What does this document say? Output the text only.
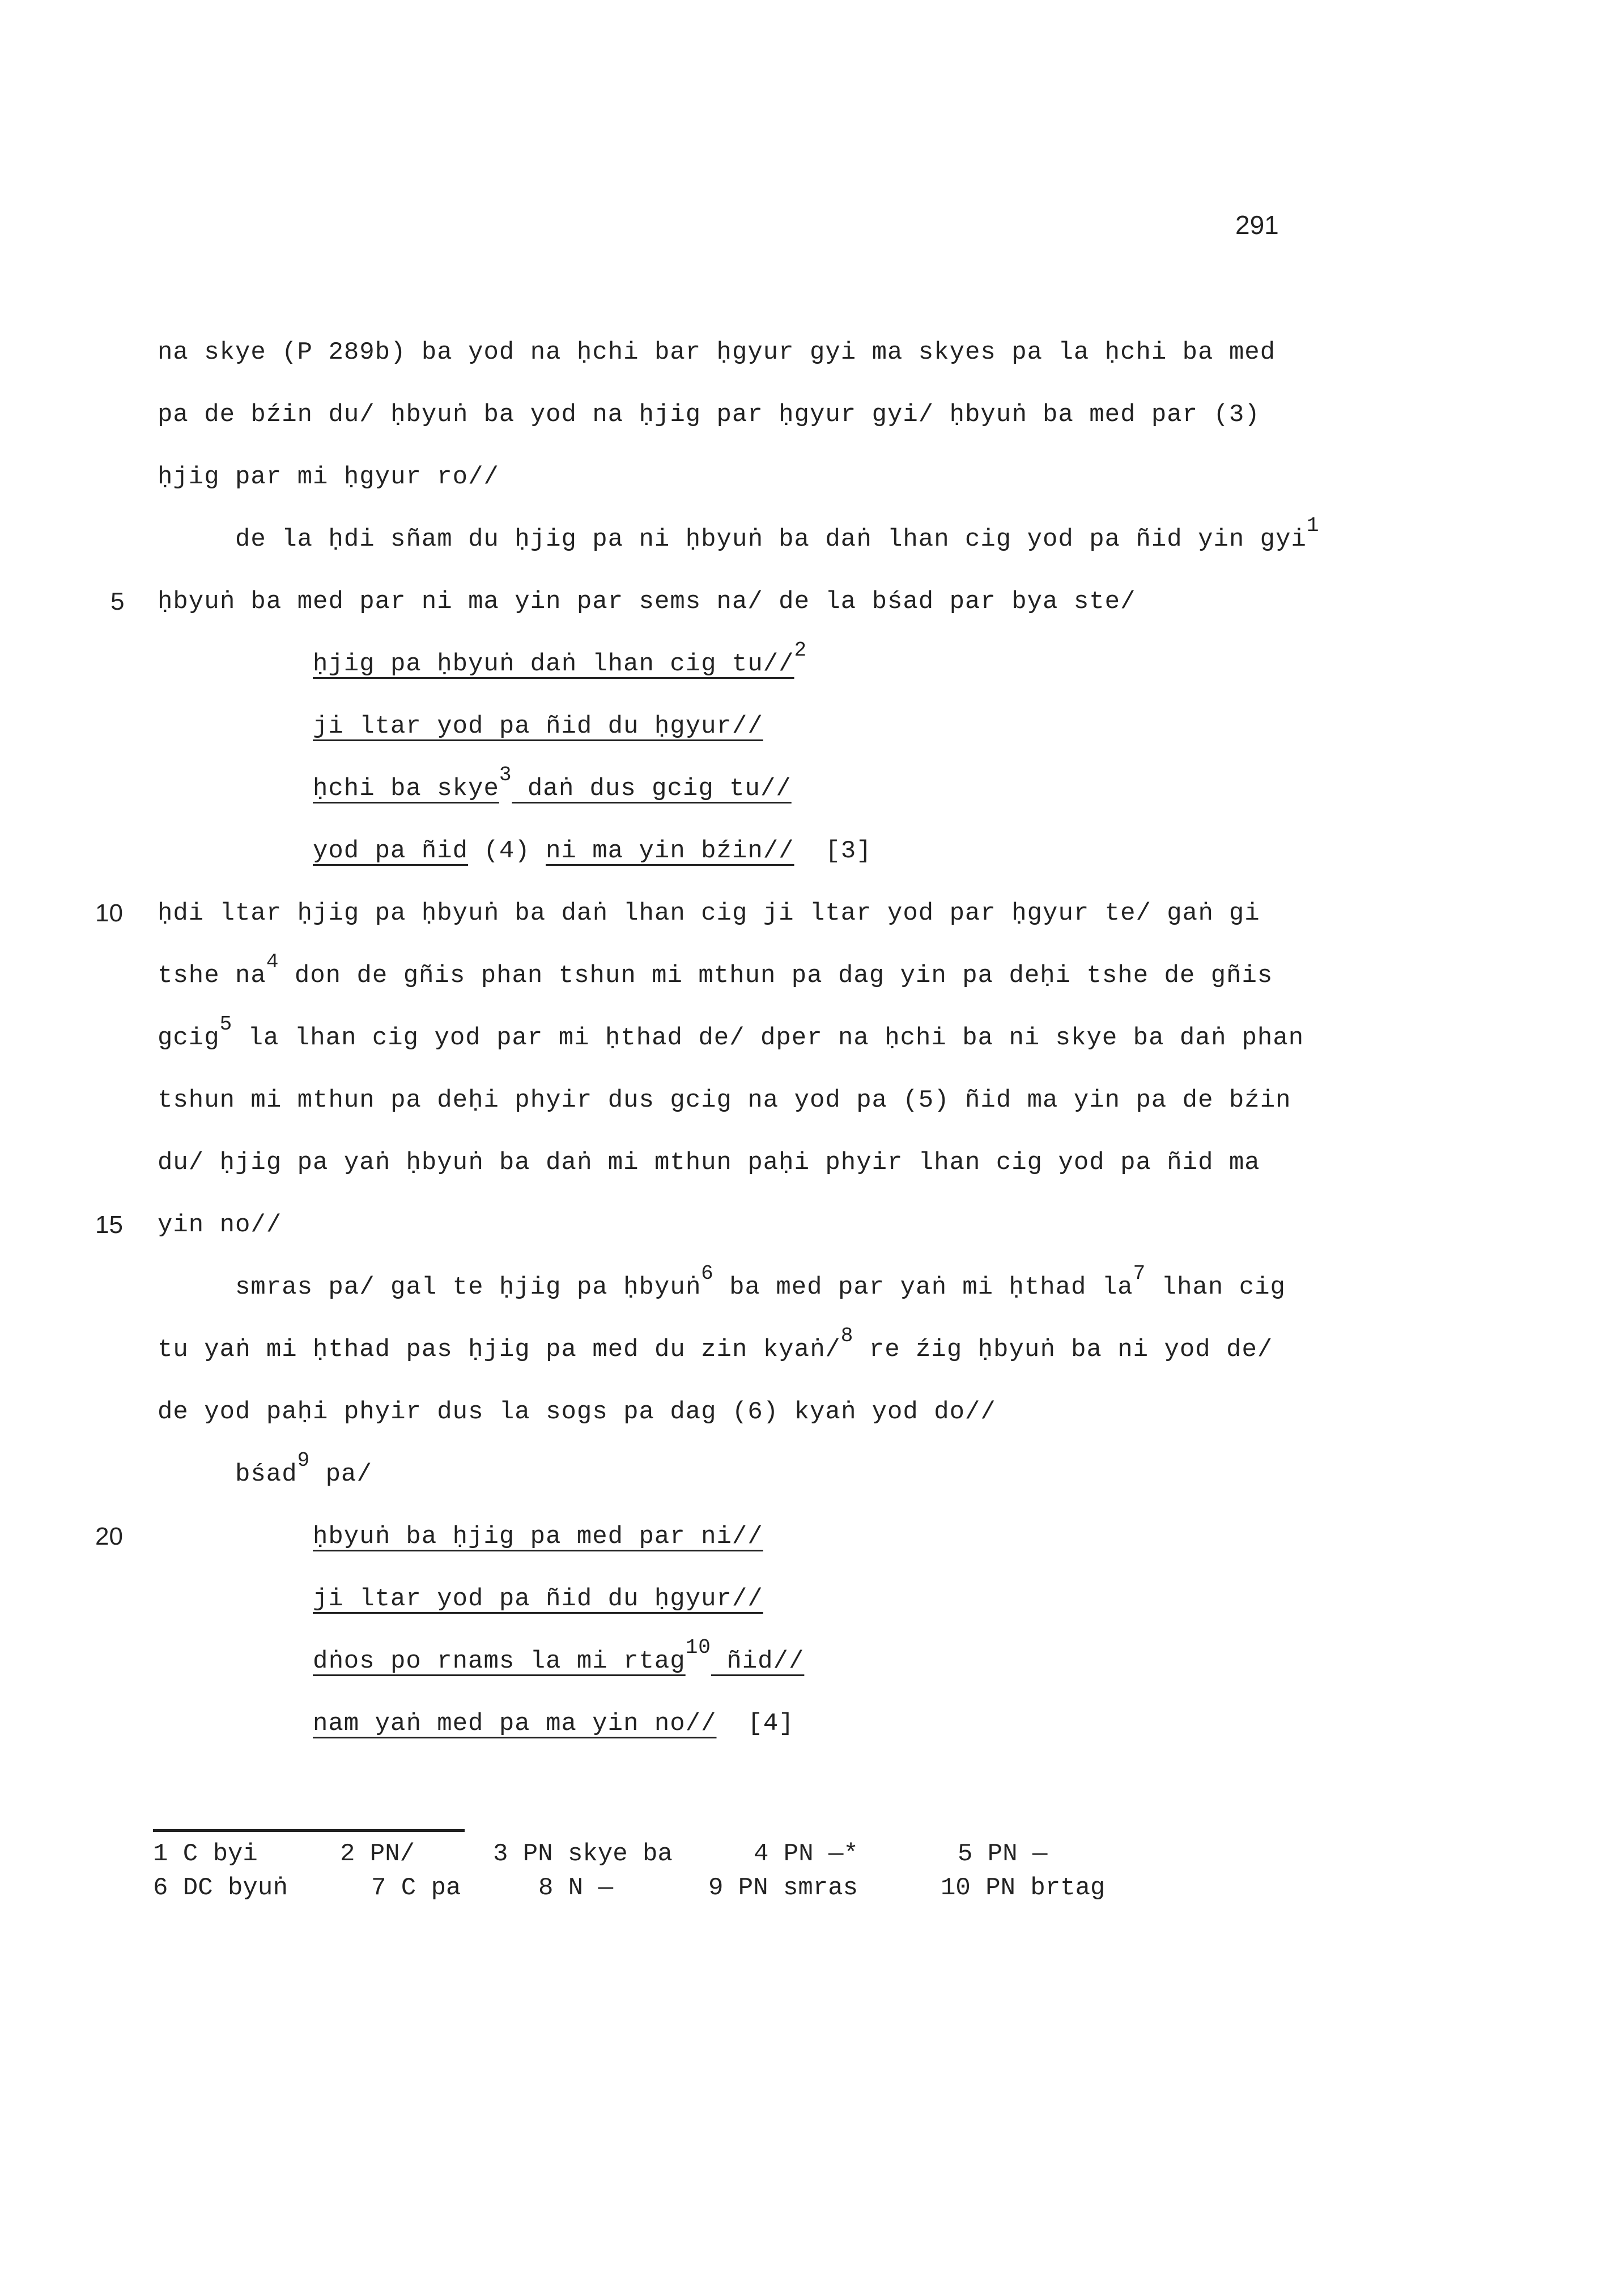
291
na skye (P 289b) ba yod na ḥchi bar ḥgyur gyi ma skyes pa la ḥchi ba med
pa de bźin du/ ḥbyuṅ ba yod na ḥjig par ḥgyur gyi/ ḥbyuṅ ba med par (3)
ḥjig par mi ḥgyur ro//
de la ḥdi sñam du ḥjig pa ni ḥbyuṅ ba daṅ lhan cig yod pa ñid yin gyi$^1$
5 ḥbyuṅ ba med par ni ma yin par sems na/ de la bśad par bya ste/
ḥjig pa ḥbyuṅ daṅ lhan cig tu//$^2$
ji ltar yod pa ñid du ḥgyur//
ḥchi ba skye$^3$ daṅ dus gcig tu//
yod pa ñid (4) ni ma yin bźin//  [3]
10 ḥdi ltar ḥjig pa ḥbyuṅ ba daṅ lhan cig ji ltar yod par ḥgyur te/ gaṅ gi
tshe $na^4$ don de gñis phan tshun mi mthun pa dag yin pa deḥi tshe de gñis
gcig$^5$ la lhan cig yod par mi ḥthad de/ dper na ḥchi ba ni skye ba daṅ phan
tshun mi mthun pa deḥi phyir dus gcig na yod pa (5) ñid ma yin pa de bźin
du/ ḥjig pa yaṅ ḥbyuṅ ba daṅ mi mthun paḥi phyir lhan cig yod pa ñid ma
15 yin no//
smras pa/ gal te ḥjig pa ḥbyuṅ$^6$ ba med par yaṅ mi ḥthad $la^7$ lhan cig
tu yaṅ mi ḥthad pas ḥjig pa med du zin kyaṅ/$^8$ re źig ḥbyuṅ ba ni yod de/
de yod paḥi phyir dus la sogs pa dag (6) kyaṅ yod do//
bśad$^9$ pa/
20	ḥbyuṅ ba ḥjig pa med par ni//
ji ltar yod pa ñid du ḥgyur//
dṅos po rnams la mi rtag$^{10}$ ñid//
nam yaṅ med pa ma yin no//  [4]
1 C byi	2 PN/	3 PN skye ba	4 PN —*	5 PN —
6 DC byuṅ	7 C pa	8 N —	9 PN smras	10 PN brtag
